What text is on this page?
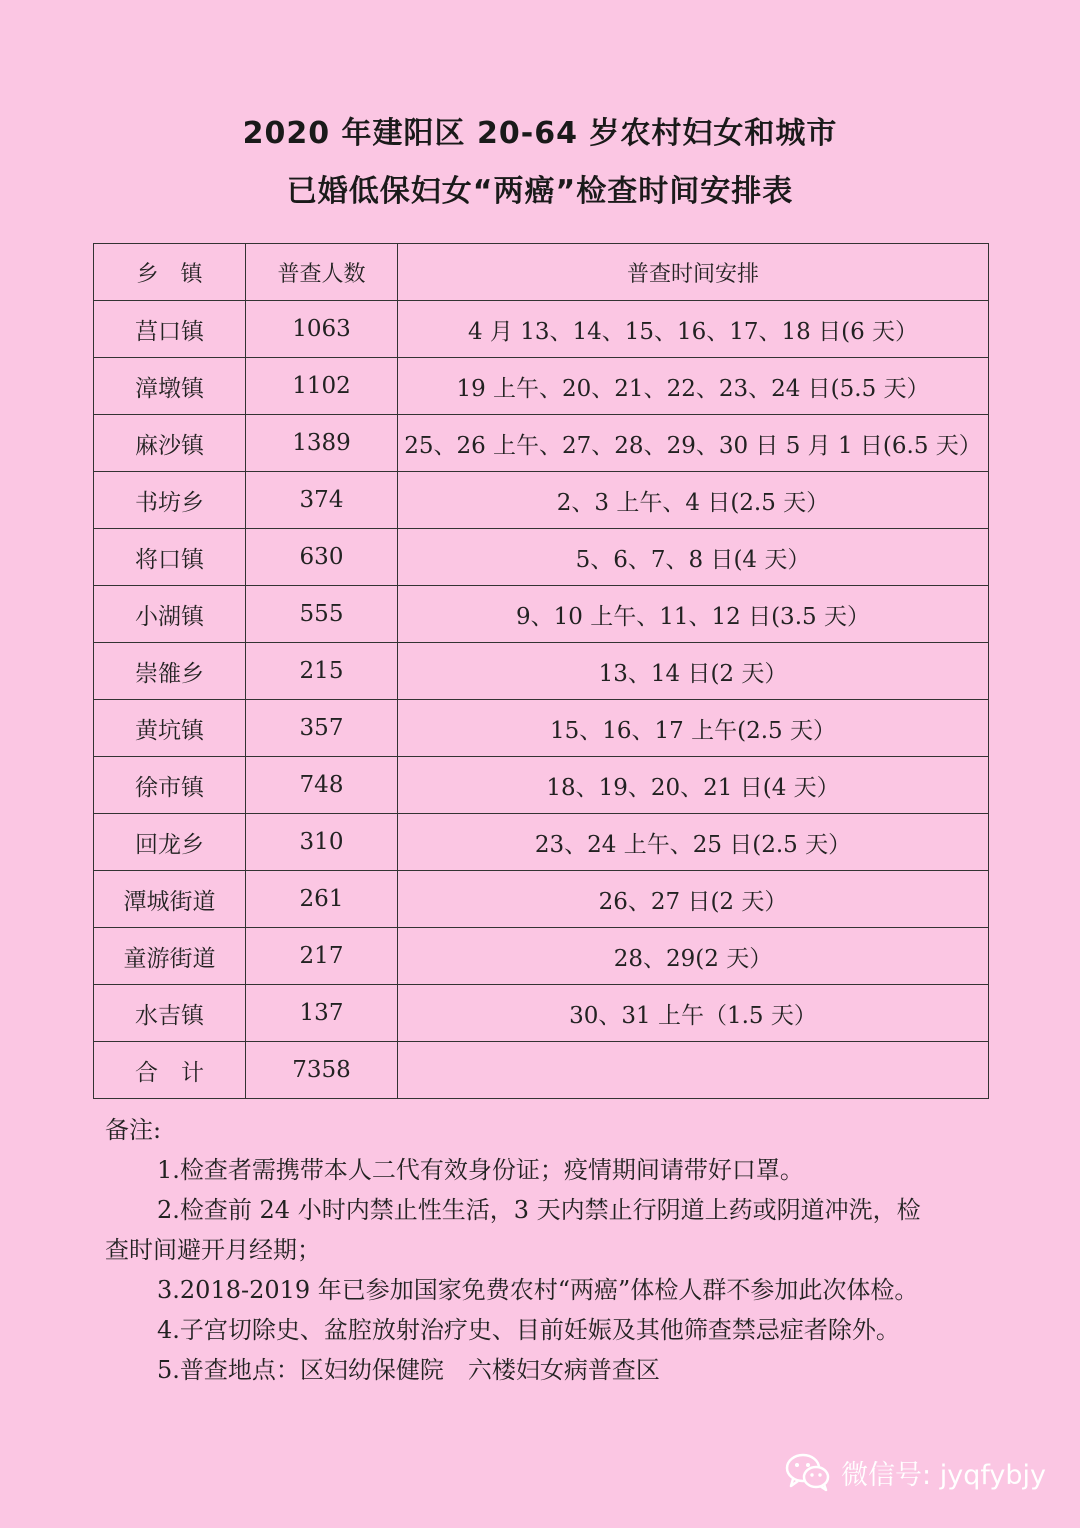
2020 年建阳区 20-64 岁农村妇女和城市
已婚低保妇女“两癌”检查时间安排表
乡　镇	普查人数	普查时间安排
莒口镇	1063	4 月 13、14、15、16、17、18 日(6 天）
漳墩镇	1102	19 上午、20、21、22、23、24 日(5.5 天）
麻沙镇	1389	25、26 上午、27、28、29、30 日 5 月 1 日(6.5 天）
书坊乡	374	2、3 上午、4 日(2.5 天）
将口镇	630	5、6、7、8 日(4 天）
小湖镇	555	9、10 上午、11、12 日(3.5 天）
崇雒乡	215	13、14 日(2 天）
黄坑镇	357	15、16、17 上午(2.5 天）
徐市镇	748	18、19、20、21 日(4 天）
回龙乡	310	23、24 上午、25 日(2.5 天）
潭城街道	261	26、27 日(2 天）
童游街道	217	28、29(2 天）
水吉镇	137	30、31 上午（1.5 天）
合　计	7358	
备注:
1.检查者需携带本人二代有效身份证；疫情期间请带好口罩。
2.检查前 24 小时内禁止性生活，3 天内禁止行阴道上药或阴道冲洗，检
查时间避开月经期；
3.2018-2019 年已参加国家免费农村“两癌”体检人群不参加此次体检。
4.子宫切除史、盆腔放射治疗史、目前妊娠及其他筛查禁忌症者除外。
5.普查地点：区妇幼保健院　六楼妇女病普查区
微信号: jyqfybjy
